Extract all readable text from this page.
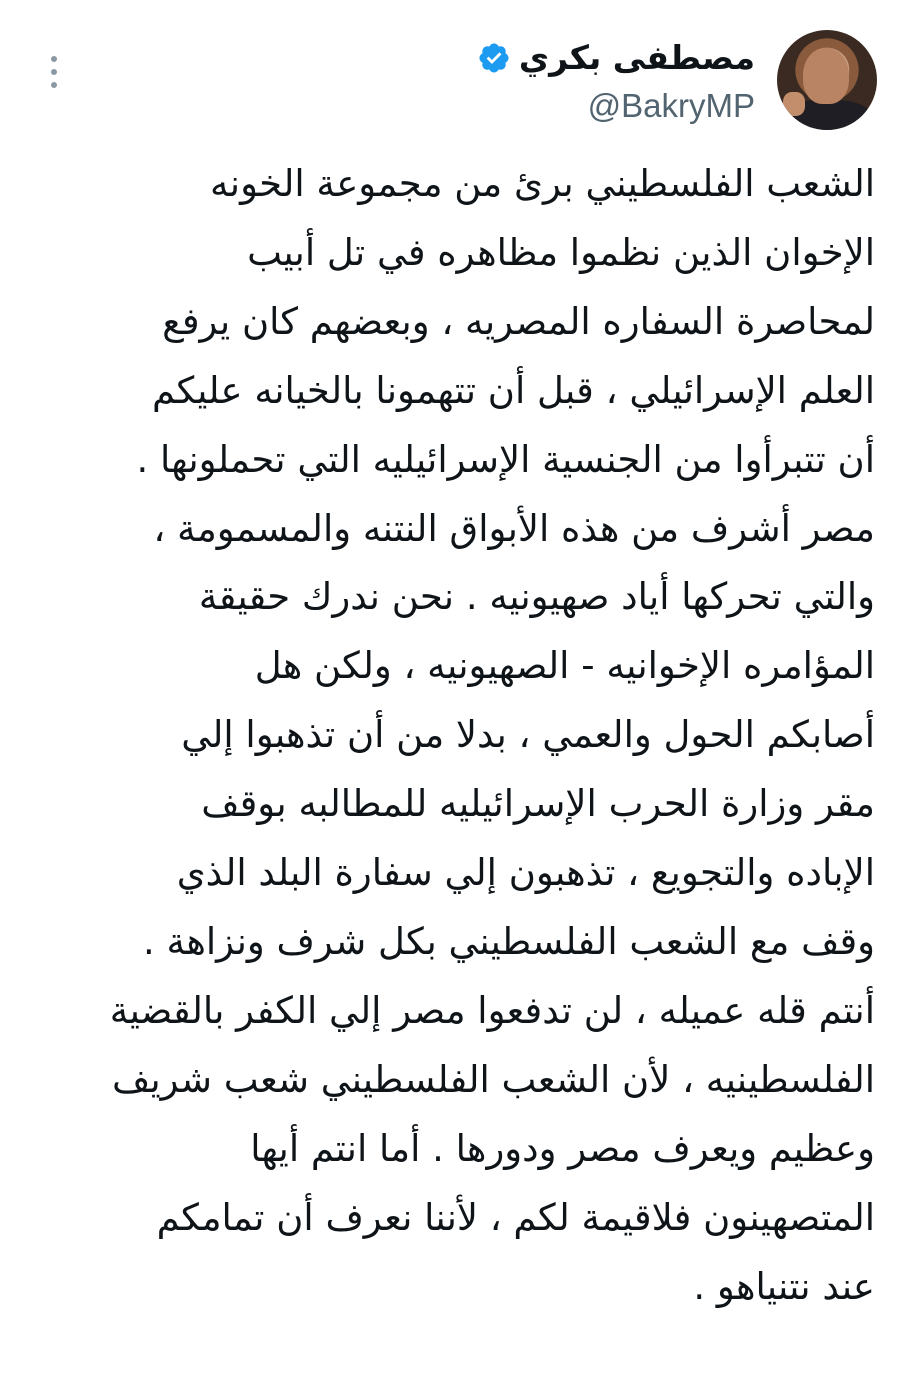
مصطفى بكري
@BakryMP
الشعب الفلسطيني برئ من مجموعة الخونه
الإخوان الذين نظموا مظاهره في تل أبيب
لمحاصرة السفاره المصريه ، وبعضهم كان يرفع
العلم الإسرائيلي ، قبل أن تتهمونا بالخيانه عليكم
أن تتبرأوا من الجنسية الإسرائيليه التي تحملونها .
مصر أشرف من هذه الأبواق النتنه والمسمومة ،
والتي تحركها أياد صهيونيه . نحن ندرك حقيقة
المؤامره الإخوانيه - الصهيونيه ، ولكن هل
أصابكم الحول والعمي ، بدلا من أن تذهبوا إلي
مقر وزارة الحرب الإسرائيليه للمطالبه بوقف
الإباده والتجويع ، تذهبون إلي سفارة البلد الذي
وقف مع الشعب الفلسطيني بكل شرف ونزاهة .
أنتم قله عميله ، لن تدفعوا مصر إلي الكفر بالقضية
الفلسطينيه ، لأن الشعب الفلسطيني شعب شريف
وعظيم ويعرف مصر ودورها . أما انتم أيها
المتصهينون فلاقيمة لكم ، لأننا نعرف أن تمامكم
عند نتنياهو .
